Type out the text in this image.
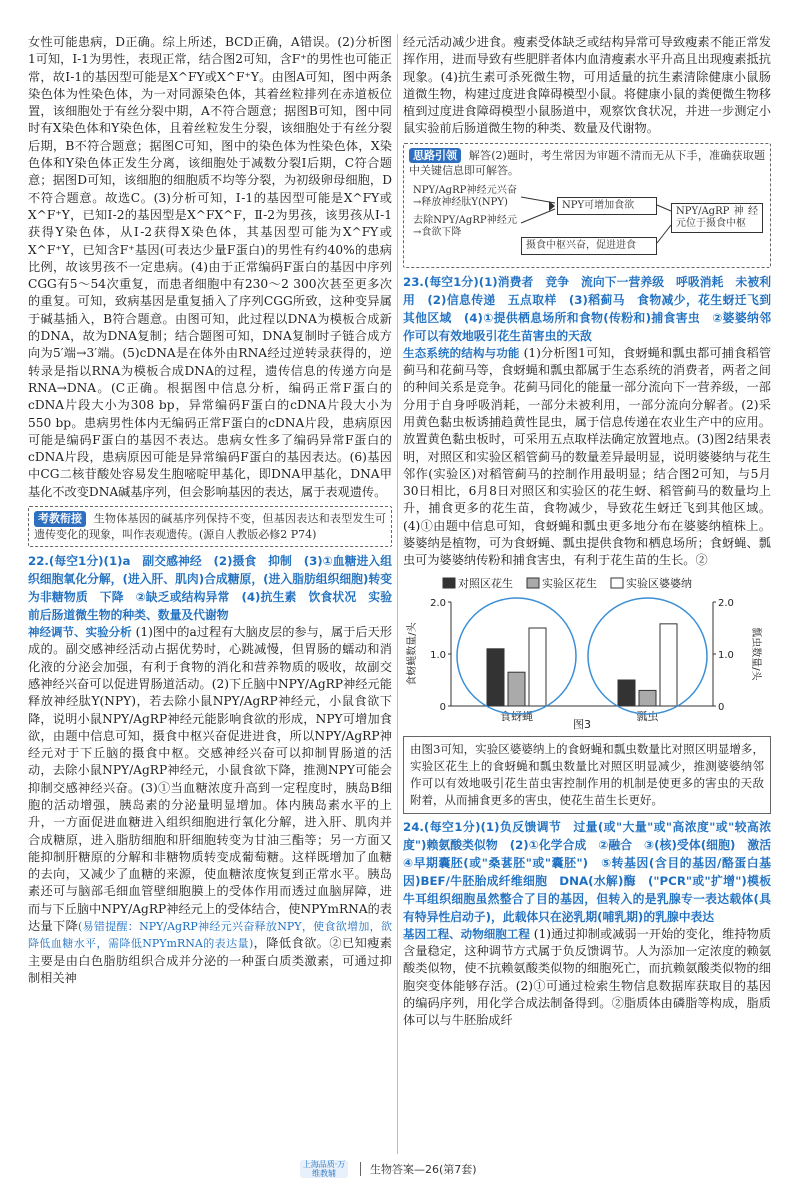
女性可能患病，D正确。综上所述，BCD正确，A错误。(2)分析图1可知，Ⅰ-1为男性，表现正常，结合图2可知，含F⁺的男性也可能正常，故Ⅰ-1的基因型可能是X^FY或X^F⁺Y。由图A可知，图中两条染色体为性染色体，为一对同源染色体，其着丝粒排列在赤道板位置，该细胞处于有丝分裂中期，A不符合题意；据图B可知，图中同时有X染色体和Y染色体，且着丝粒发生分裂，该细胞处于有丝分裂后期，B不符合题意；据图C可知，图中的染色体为性染色体，X染色体和Y染色体正发生分离，该细胞处于减数分裂Ⅰ后期，C符合题意；据图D可知，该细胞的细胞质不均等分裂，为初级卵母细胞，D不符合题意。故选C。(3)分析可知，Ⅰ-1的基因型可能是X^FY或X^F⁺Y，已知Ⅰ-2的基因型是X^FX^F，Ⅱ-2为男孩，该男孩从Ⅰ-1获得Y染色体，从Ⅰ-2获得X染色体，其基因型可能为X^FY或X^F⁺Y，已知含F⁺基因(可表达少量F蛋白)的男性有约40%的患病比例，故该男孩不一定患病。(4)由于正常编码F蛋白的基因中序列CGG有5～54次重复，而患者细胞中有230～2 300次甚至更多次的重复。可知，致病基因是重复插入了序列CGG所致，这种变异属于碱基插入，B符合题意。由图可知，此过程以DNA为模板合成新的DNA，故为DNA复制；结合题图可知，DNA复制时子链合成方向为5′端→3′端。(5)cDNA是在体外由RNA经过逆转录获得的，逆转录是指以RNA为模板合成DNA的过程，遗传信息的传递方向是RNA→DNA。(C正确。根据图中信息分析，编码正常F蛋白的cDNA片段大小为308 bp，异常编码F蛋白的cDNA片段大小为550 bp。患病男性体内无编码正常F蛋白的cDNA片段，患病原因可能是编码F蛋白的基因不表达。患病女性多了编码异常F蛋白的cDNA片段，患病原因可能是异常编码F蛋白的基因表达。(6)基因中CG二核苷酸处容易发生胞嘧啶甲基化，即DNA甲基化，DNA甲基化不改变DNA碱基序列，但会影响基因的表达，属于表观遗传。

考教衔接 生物体基因的碱基序列保持不变，但基因表达和表型发生可遗传变化的现象，叫作表观遗传。(源自人教版必修2 P74)

22.(每空1分)(1)a　副交感神经　(2)摄食　抑制　(3)①血糖进入组织细胞氧化分解，(进入肝、肌肉)合成糖原，(进入脂肪组织细胞)转变为非糖物质　下降　②缺乏或结构异常　(4)抗生素　饮食状况　实验前后肠道微生物的种类、数量及代谢物

神经调节、实验分析 (1)图中的a过程有大脑皮层的参与，属于后天形成的。副交感神经活动占据优势时，心跳减慢，但胃肠的蠕动和消化液的分泌会加强，有利于食物的消化和营养物质的吸收，故副交感神经兴奋可以促进胃肠道活动。(2)下丘脑中NPY/AgRP神经元能释放神经肽Y(NPY)，若去除小鼠NPY/AgRP神经元，小鼠食欲下降，说明小鼠NPY/AgRP神经元能影响食欲的形成，NPY可增加食欲，由题中信息可知，摄食中枢兴奋促进进食，所以NPY/AgRP神经元对于下丘脑的摄食中枢。交感神经兴奋可以抑制胃肠道的活动，去除小鼠NPY/AgRP神经元，小鼠食欲下降，推测NPY可能会抑制交感神经兴奋。(3)①当血糖浓度升高到一定程度时，胰岛B细胞的活动增强，胰岛素的分泌量明显增加。体内胰岛素水平的上升，一方面促进血糖进入组织细胞进行氧化分解，进入肝、肌肉并合成糖原，进入脂肪细胞和肝细胞转变为甘油三酯等；另一方面又能抑制肝糖原的分解和非糖物质转变成葡萄糖。这样既增加了血糖的去向，又减少了血糖的来源，使血糖浓度恢复到正常水平。胰岛素还可与脑部毛细血管壁细胞膜上的受体作用而透过血脑屏障，进而与下丘脑中NPY/AgRP神经元上的受体结合，使NPYmRNA的表达量下降(易错提醒：NPY/AgRP神经元兴奋释放NPY，使食欲增加，欲降低血糖水平，需降低NPYmRNA的表达量)，降低食欲。②已知瘦素主要是由白色脂肪组织合成并分泌的一种蛋白质类激素，可通过抑制相关神

经元活动减少进食。瘦素受体缺乏或结构异常可导致瘦素不能正常发挥作用，进而导致有些肥胖者体内血清瘦素水平升高且出现瘦素抵抗现象。(4)抗生素可杀死微生物，可用适量的抗生素清除健康小鼠肠道微生物，构建过度进食障碍模型小鼠。将健康小鼠的粪便微生物移植到过度进食障碍模型小鼠肠道中，观察饮食状况，并进一步测定小鼠实验前后肠道微生物的种类、数量及代谢物。

思路引领 解答(2)题时，考生常因为审题不清而无从下手，准确获取题中关键信息即可解答。
NPY/AgRP神经元兴奋→释放神经肽Y(NPY)
去除NPY/AgRP神经元→食欲下降
NPY可增加食欲
NPY/AgRP神经元位于摄食中枢
摄食中枢兴奋，促进进食

23.(每空1分)(1)消费者　竞争　流向下一营养级　呼吸消耗　未被利用　(2)信息传递　五点取样　(3)稻蓟马　食物减少，花生蚜迁飞到其他区域　(4)①提供栖息场所和食物(传粉和)捕食害虫　②婆婆纳邻作可以有效地吸引花生苗害虫的天敌

生态系统的结构与功能 (1)分析图1可知，食蚜蝇和瓢虫都可捕食稻管蓟马和花蓟马等，食蚜蝇和瓢虫都属于生态系统的消费者，两者之间的种间关系是竞争。花蓟马同化的能量一部分流向下一营养级，一部分用于自身呼吸消耗，一部分未被利用，一部分流向分解者。(2)采用黄色黏虫板诱捕趋黄性昆虫，属于信息传递在农业生产中的应用。放置黄色黏虫板时，可采用五点取样法确定放置地点。(3)图2结果表明，对照区和实验区稻管蓟马的数量差异最明显，说明婆婆纳与花生邻作(实验区)对稻管蓟马的控制作用最明显；结合图2可知，与5月30日相比，6月8日对照区和实验区的花生蚜、稻管蓟马的数量均上升，捕食更多的花生苗，食物减少，导致花生蚜迁飞到其他区域。(4)①由题中信息可知，食蚜蝇和瓢虫更多地分布在婆婆纳植株上。婆婆纳是植物，可为食蚜蝇、瓢虫提供食物和栖息场所；食蚜蝇、瓢虫可为婆婆纳传粉和捕食害虫，有利于花生苗的生长。②

对照区花生	实验区花生	实验区婆婆纳
0
1.0
2.0
0
1.0
2.0
食蚜蝇数量/头	瓢虫数量/头
食蚜蝇	瓢虫
图3
由图3可知，实验区婆婆纳上的食蚜蝇和瓢虫数量比对照区明显增多，实验区花生上的食蚜蝇和瓢虫数量比对照区明显减少，推测婆婆纳邻作可以有效地吸引花生苗虫害控制作用的机制是使更多的害虫的天敌附着，从而捕食更多的害虫，使花生苗生长更好。

24.(每空1分)(1)负反馈调节　过量(或"大量"或"高浓度"或"较高浓度")赖氨酸类似物　(2)①化学合成　②融合　③(核)受体(细胞)　激活　④早期囊胚(或"桑葚胚"或"囊胚")　⑤转基因(含目的基因/酪蛋白基因)BEF/牛胚胎成纤维细胞　DNA(水解)酶　("PCR"或"扩增")模板　牛耳组织细胞虽然整合了目的基因，但转入的是乳腺专一表达载体(具有特异性启动子)，此载体只在泌乳期(哺乳期)的乳腺中表达

基因工程、动物细胞工程 (1)通过抑制或减弱一开始的变化，维持物质含量稳定，这种调节方式属于负反馈调节。人为添加一定浓度的赖氨酸类似物，使不抗赖氨酸类似物的细胞死亡，而抗赖氨酸类似物的细胞突变体能够存活。(2)①可通过检索生物信息数据库获取目的基因的编码序列，用化学合成法制备得到。②脂质体由磷脂等构成，脂质体可以与牛胚胎成纤

上海品质·万维教辅	生物答案—26(第7套)
